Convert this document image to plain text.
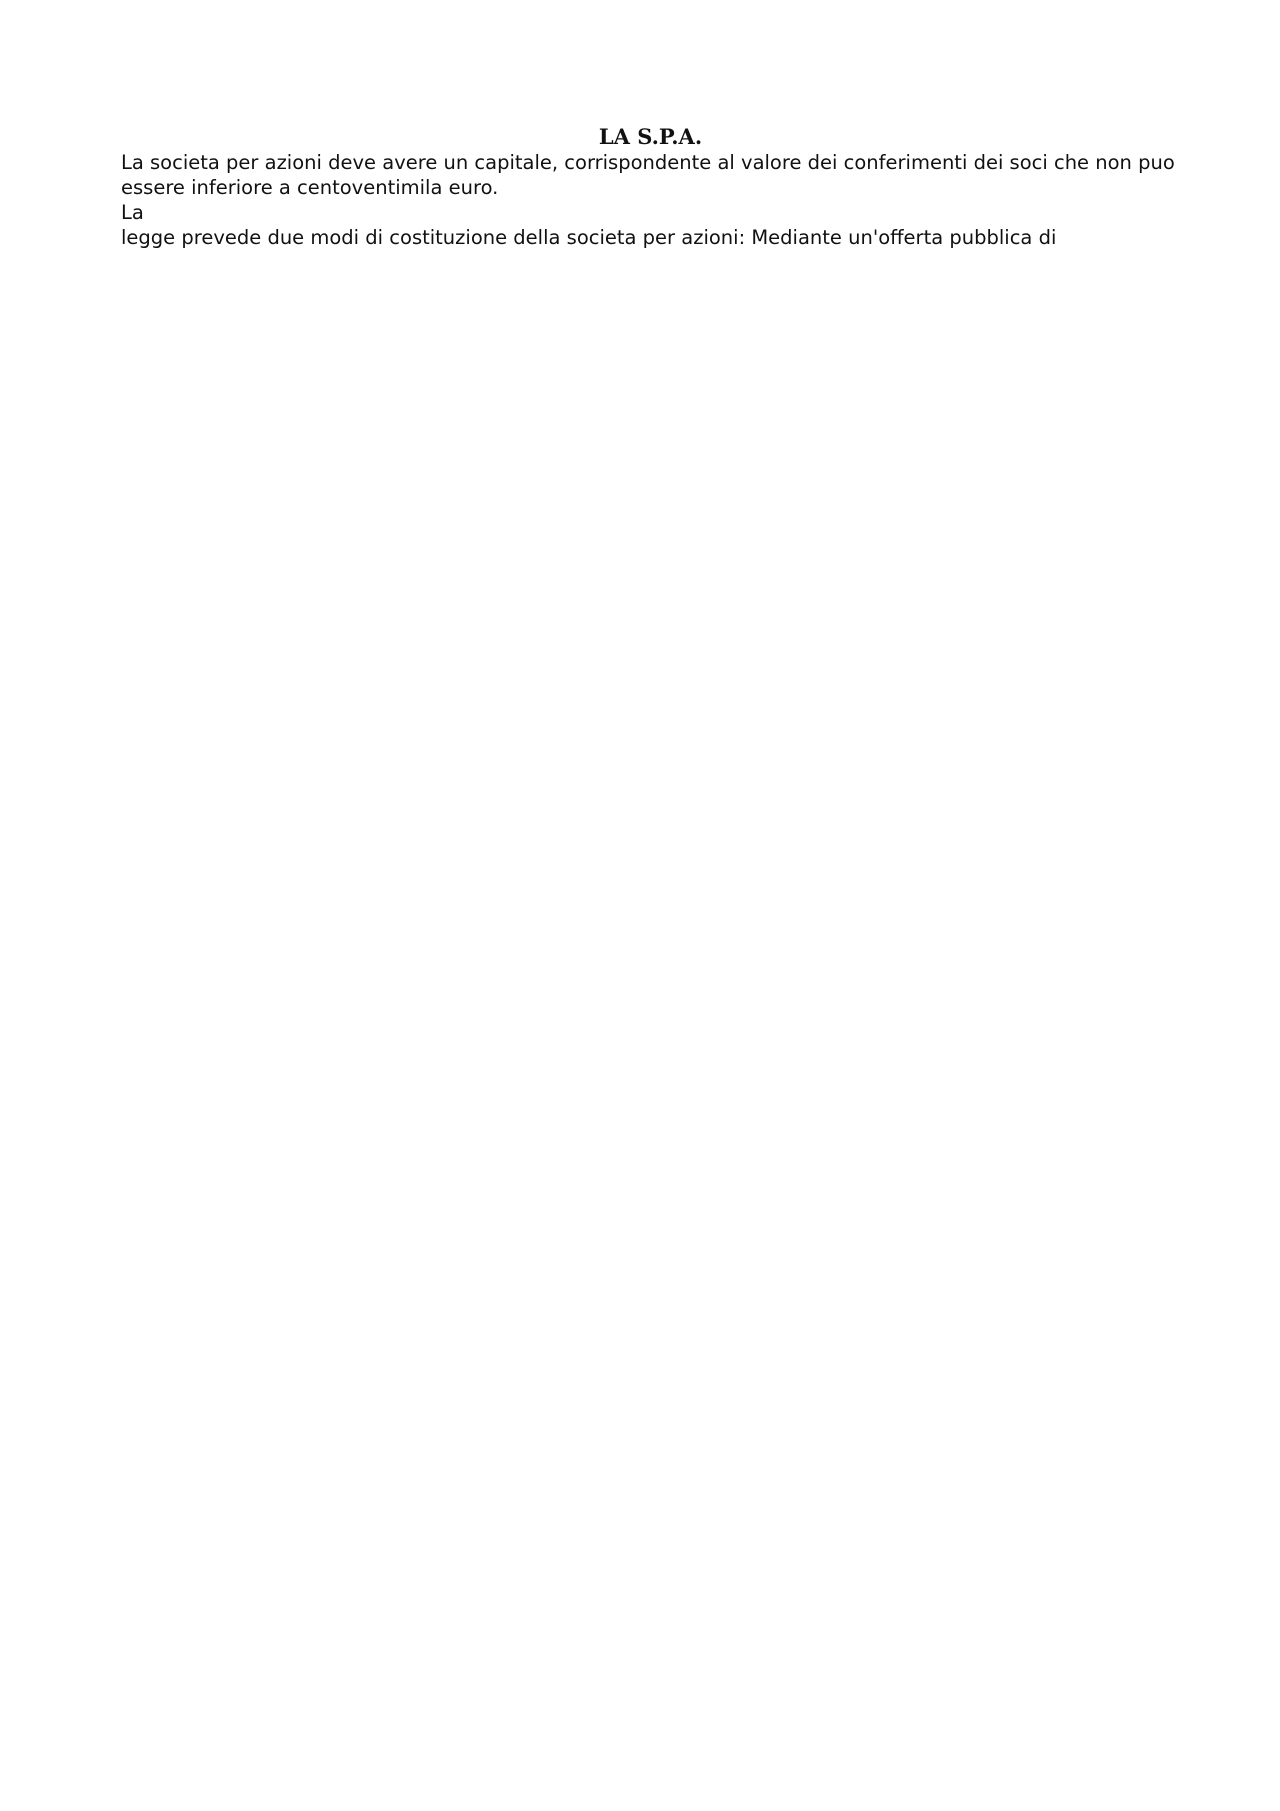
LA S.P.A.
La societa per azioni deve avere un capitale, corrispondente al valore dei conferimenti dei soci che non puo
essere inferiore a centoventimila euro.
La
legge prevede due modi di costituzione della societa per azioni: Mediante un'offerta pubblica di
